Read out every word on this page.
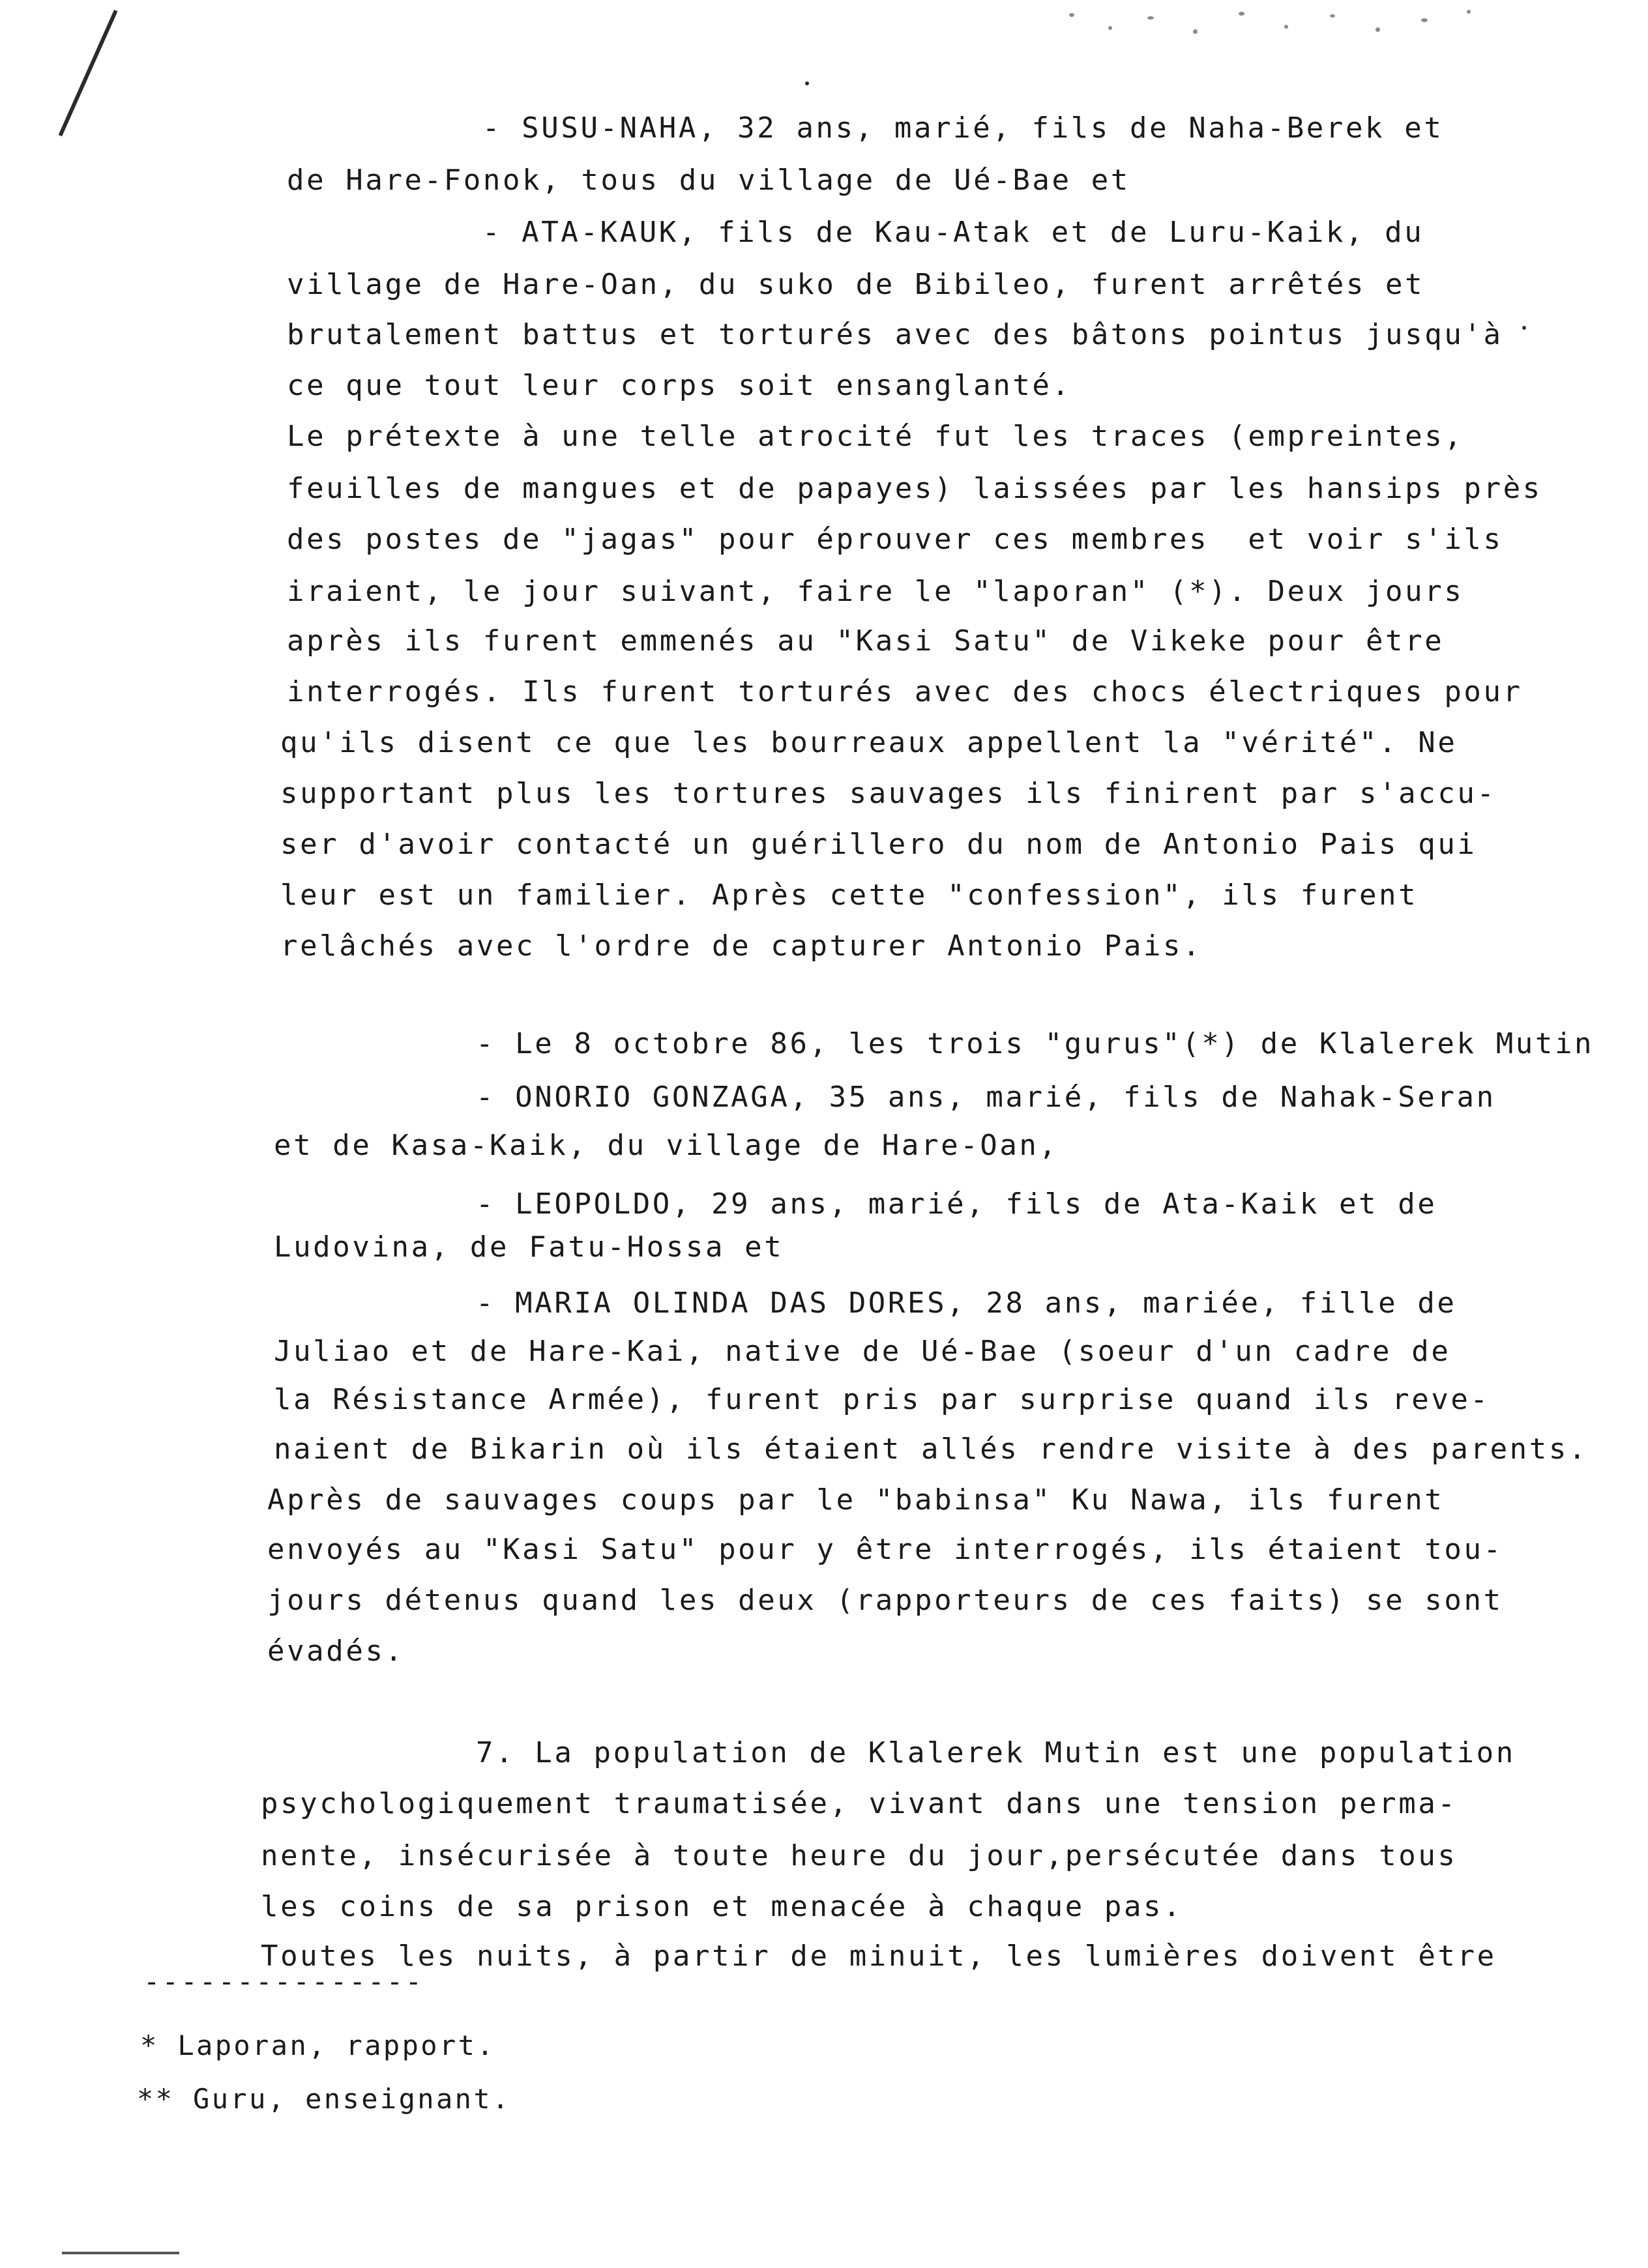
- SUSU-NAHA, 32 ans, marié, fils de Naha-Berek et
de Hare-Fonok, tous du village de Ué-Bae et
- ATA-KAUK, fils de Kau-Atak et de Luru-Kaik, du
village de Hare-Oan, du suko de Bibileo, furent arrêtés et
brutalement battus et torturés avec des bâtons pointus jusqu'à
ce que tout leur corps soit ensanglanté.
Le prétexte à une telle atrocité fut les traces (empreintes,
feuilles de mangues et de papayes) laissées par les hansips près
des postes de "jagas" pour éprouver ces membres  et voir s'ils
iraient, le jour suivant, faire le "laporan" (*). Deux jours
après ils furent emmenés au "Kasi Satu" de Vikeke pour être
interrogés. Ils furent torturés avec des chocs électriques pour
qu'ils disent ce que les bourreaux appellent la "vérité". Ne
supportant plus les tortures sauvages ils finirent par s'accu-
ser d'avoir contacté un guérillero du nom de Antonio Pais qui
leur est un familier. Après cette "confession", ils furent
relâchés avec l'ordre de capturer Antonio Pais.
- Le 8 octobre 86, les trois "gurus"(*) de Klalerek Mutin
- ONORIO GONZAGA, 35 ans, marié, fils de Nahak-Seran
et de Kasa-Kaik, du village de Hare-Oan,
- LEOPOLDO, 29 ans, marié, fils de Ata-Kaik et de
Ludovina, de Fatu-Hossa et
- MARIA OLINDA DAS DORES, 28 ans, mariée, fille de
Juliao et de Hare-Kai, native de Ué-Bae (soeur d'un cadre de
la Résistance Armée), furent pris par surprise quand ils reve-
naient de Bikarin où ils étaient allés rendre visite à des parents.
Après de sauvages coups par le "babinsa" Ku Nawa, ils furent
envoyés au "Kasi Satu" pour y être interrogés, ils étaient tou-
jours détenus quand les deux (rapporteurs de ces faits) se sont
évadés.
7. La population de Klalerek Mutin est une population
psychologiquement traumatisée, vivant dans une tension perma-
nente, insécurisée à toute heure du jour,persécutée dans tous
les coins de sa prison et menacée à chaque pas.
Toutes les nuits, à partir de minuit, les lumières doivent être
---------------
* Laporan, rapport.
** Guru, enseignant.
